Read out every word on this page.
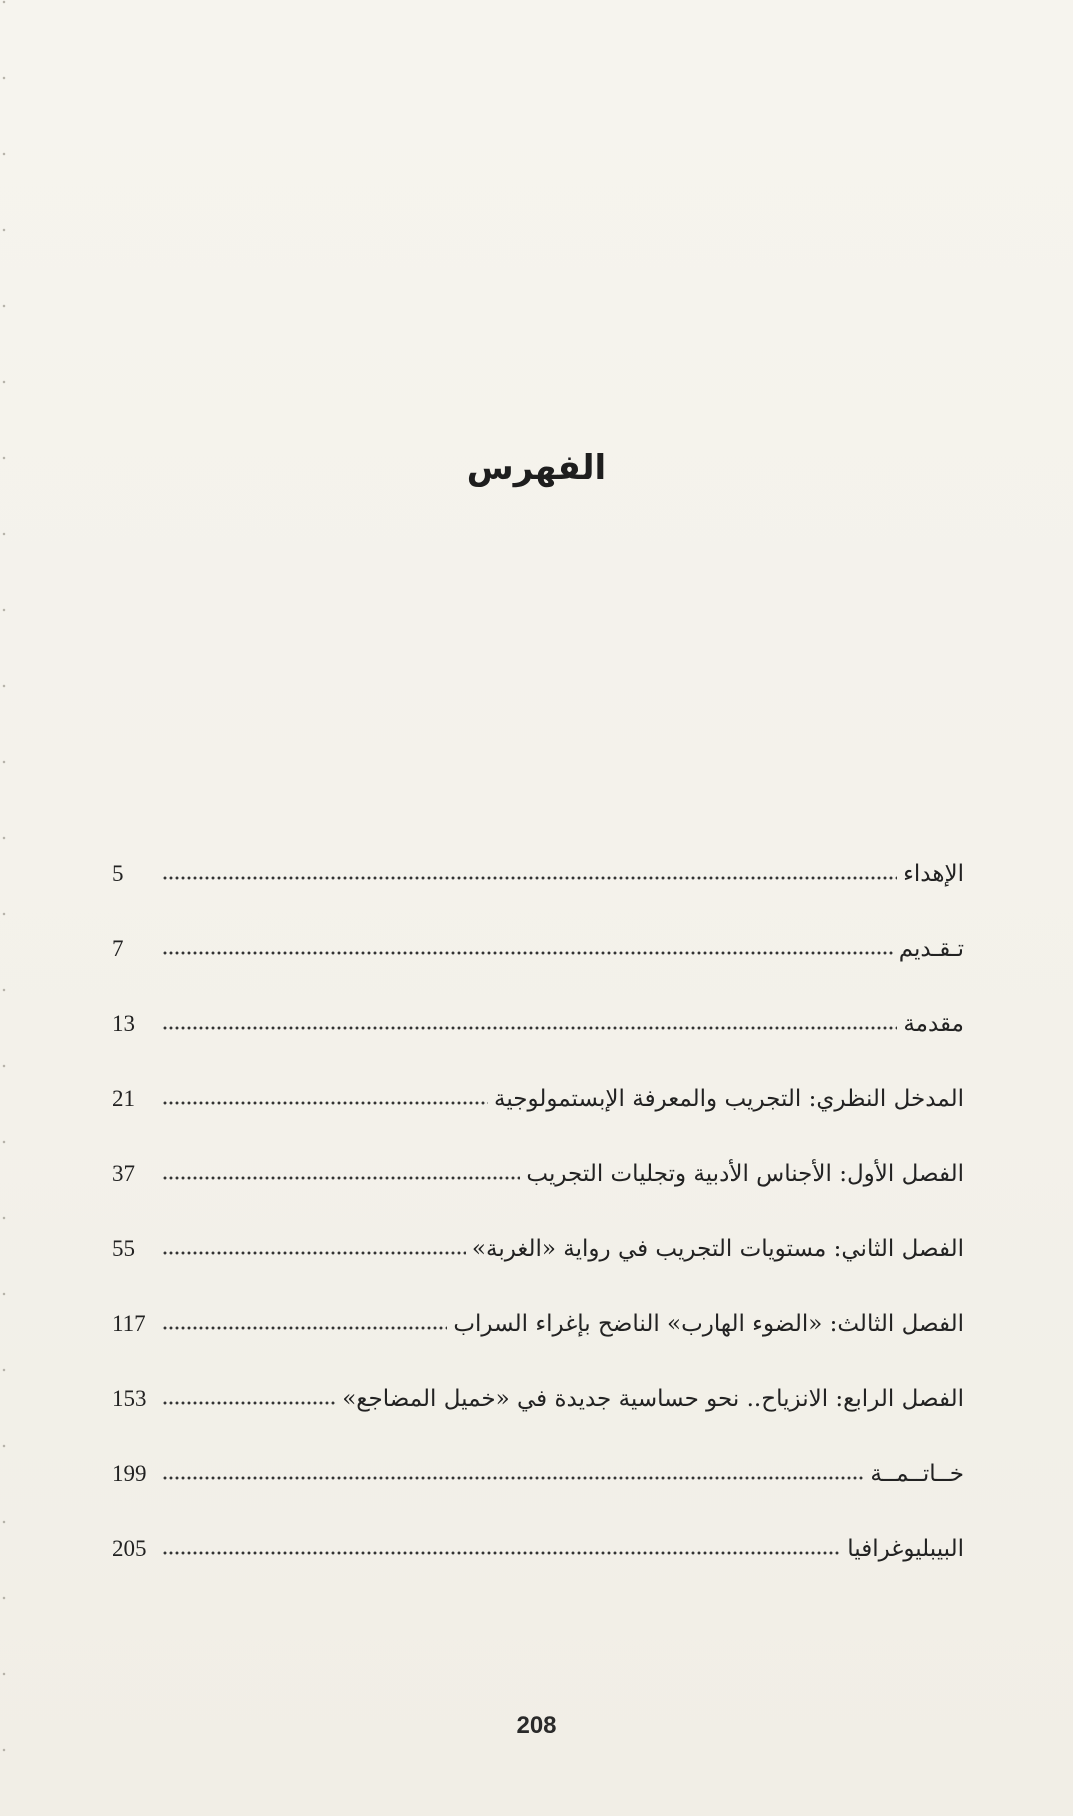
الفهرس
الإهداء
5
تـقـديم
7
مقدمة
13
المدخل النظري: التجريب والمعرفة الإبستمولوجية
21
الفصل الأول: الأجناس الأدبية وتجليات التجريب
37
الفصل الثاني: مستويات التجريب في رواية «الغربة»
55
الفصل الثالث: «الضوء الهارب» الناضح بإغراء السراب
117
الفصل الرابع: الانزياح.. نحو حساسية جديدة في «خميل المضاجع»
153
خــاتــمــة
199
البيبليوغرافيا
205
208
